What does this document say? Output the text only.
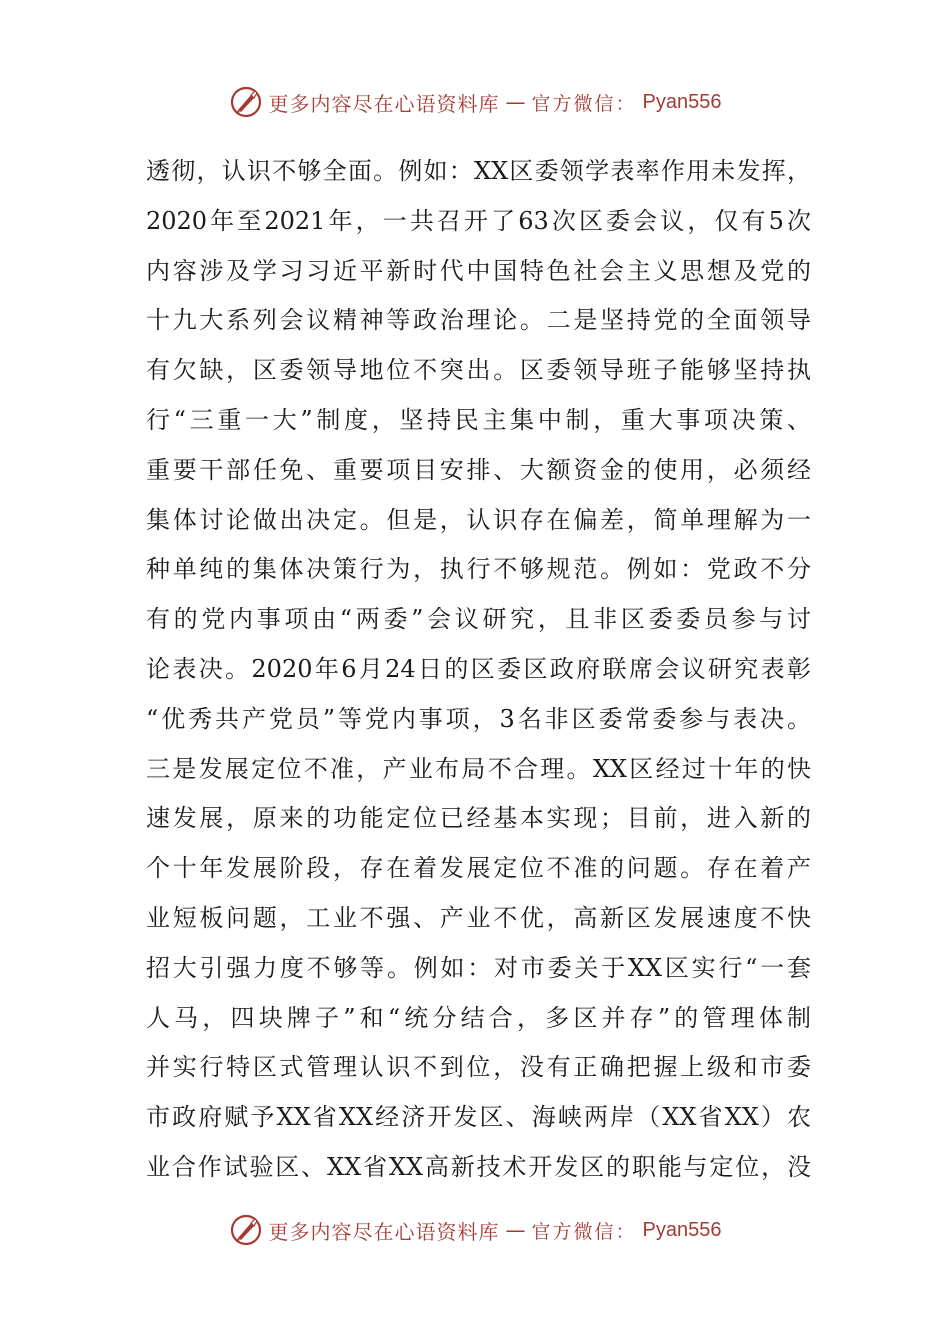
更多内容尽在心语资料库 — 官方微信： Pyan556
透彻，认识不够全面。例如：XX区委领学表率作用未发挥，
2020年至2021年，一共召开了63次区委会议，仅有5次
内容涉及学习习近平新时代中国特色社会主义思想及党的
十九大系列会议精神等政治理论。二是坚持党的全面领导
有欠缺，区委领导地位不突出。区委领导班子能够坚持执
行“三重一大”制度，坚持民主集中制，重大事项决策、
重要干部任免、重要项目安排、大额资金的使用，必须经
集体讨论做出决定。但是，认识存在偏差，简单理解为一
种单纯的集体决策行为，执行不够规范。例如：党政不分
有的党内事项由“两委”会议研究，且非区委委员参与讨
论表决。2020年6月24日的区委区政府联席会议研究表彰
“优秀共产党员”等党内事项，3名非区委常委参与表决。
三是发展定位不准，产业布局不合理。XX区经过十年的快
速发展，原来的功能定位已经基本实现；目前，进入新的
个十年发展阶段，存在着发展定位不准的问题。存在着产
业短板问题，工业不强、产业不优，高新区发展速度不快
招大引强力度不够等。例如：对市委关于XX区实行“一套
人马，四块牌子”和“统分结合，多区并存”的管理体制
并实行特区式管理认识不到位，没有正确把握上级和市委
市政府赋予XX省XX经济开发区、海峡两岸（XX省XX）农
业合作试验区、XX省XX高新技术开发区的职能与定位，没
更多内容尽在心语资料库 — 官方微信： Pyan556
